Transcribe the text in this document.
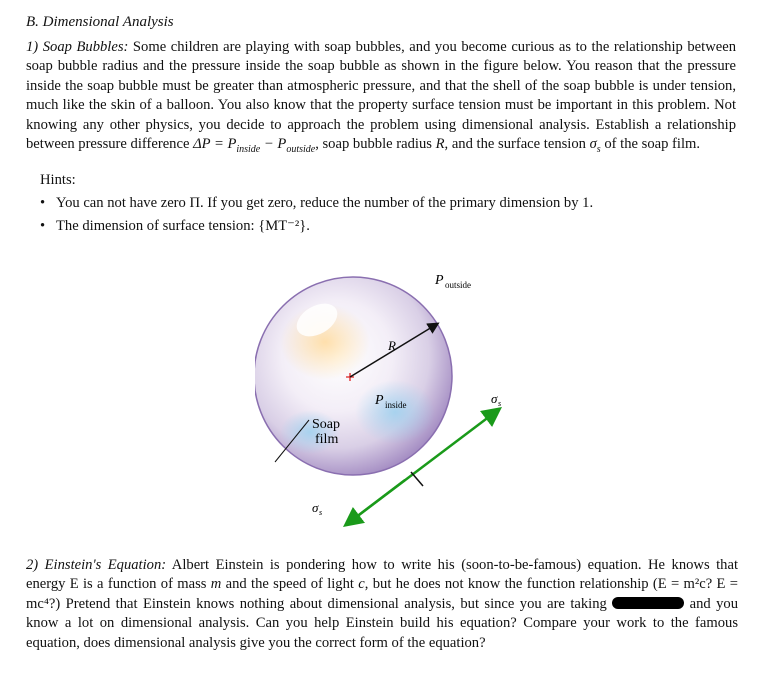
B. Dimensional Analysis
1) Soap Bubbles: Some children are playing with soap bubbles, and you become curious as to the relationship between soap bubble radius and the pressure inside the soap bubble as shown in the figure below. You reason that the pressure inside the soap bubble must be greater than atmospheric pressure, and that the shell of the soap bubble is under tension, much like the skin of a balloon. You also know that the property surface tension must be important in this problem. Not knowing any other physics, you decide to approach the problem using dimensional analysis. Establish a relationship between pressure difference $\Delta P = P_{inside} - P_{outside}$, soap bubble radius R, and the surface tension $\sigma_s$ of the soap film.
Hints:
• You can not have zero Π. If you get zero, reduce the number of the primary dimension by 1.
• The dimension of surface tension: {MT⁻²}.
P outside
R
P inside
Soap
film
σ s
σ s
2) Einstein's Equation: Albert Einstein is pondering how to write his (soon-to-be-famous) equation. He knows that energy E is a function of mass m and the speed of light c, but he does not know the function relationship (E = m²c? E = mc⁴?) Pretend that Einstein knows nothing about dimensional analysis, but since you are taking	and you know a lot on dimensional analysis. Can you help Einstein build his equation? Compare your work to the famous equation, does dimensional analysis give you the correct form of the equation?
